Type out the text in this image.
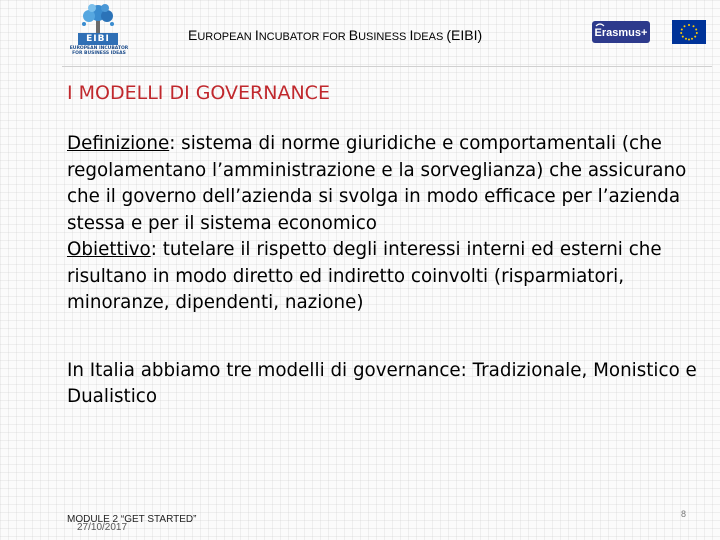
EIBI
EUROPEAN INCUBATOR FOR BUSINESS IDEAS
EUROPEAN INCUBATOR FOR BUSINESS IDEAS (EIBI)	Erasmus+
I MODELLI DI GOVERNANCE

Definizione: sistema di norme giuridiche e comportamentali (che regolamentano l’amministrazione e la sorveglianza) che assicurano che il governo dell’azienda si svolga in modo efficace per l’azienda stessa e per il sistema economico

Obiettivo: tutelare il rispetto degli interessi interni ed esterni che risultano in modo diretto ed indiretto coinvolti (risparmiatori, minoranze, dipendenti, nazione)

In Italia abbiamo tre modelli di governance: Tradizionale, Monistico e Dualistico

MODULE 2 “GET STARTED”
27/10/2017
8
